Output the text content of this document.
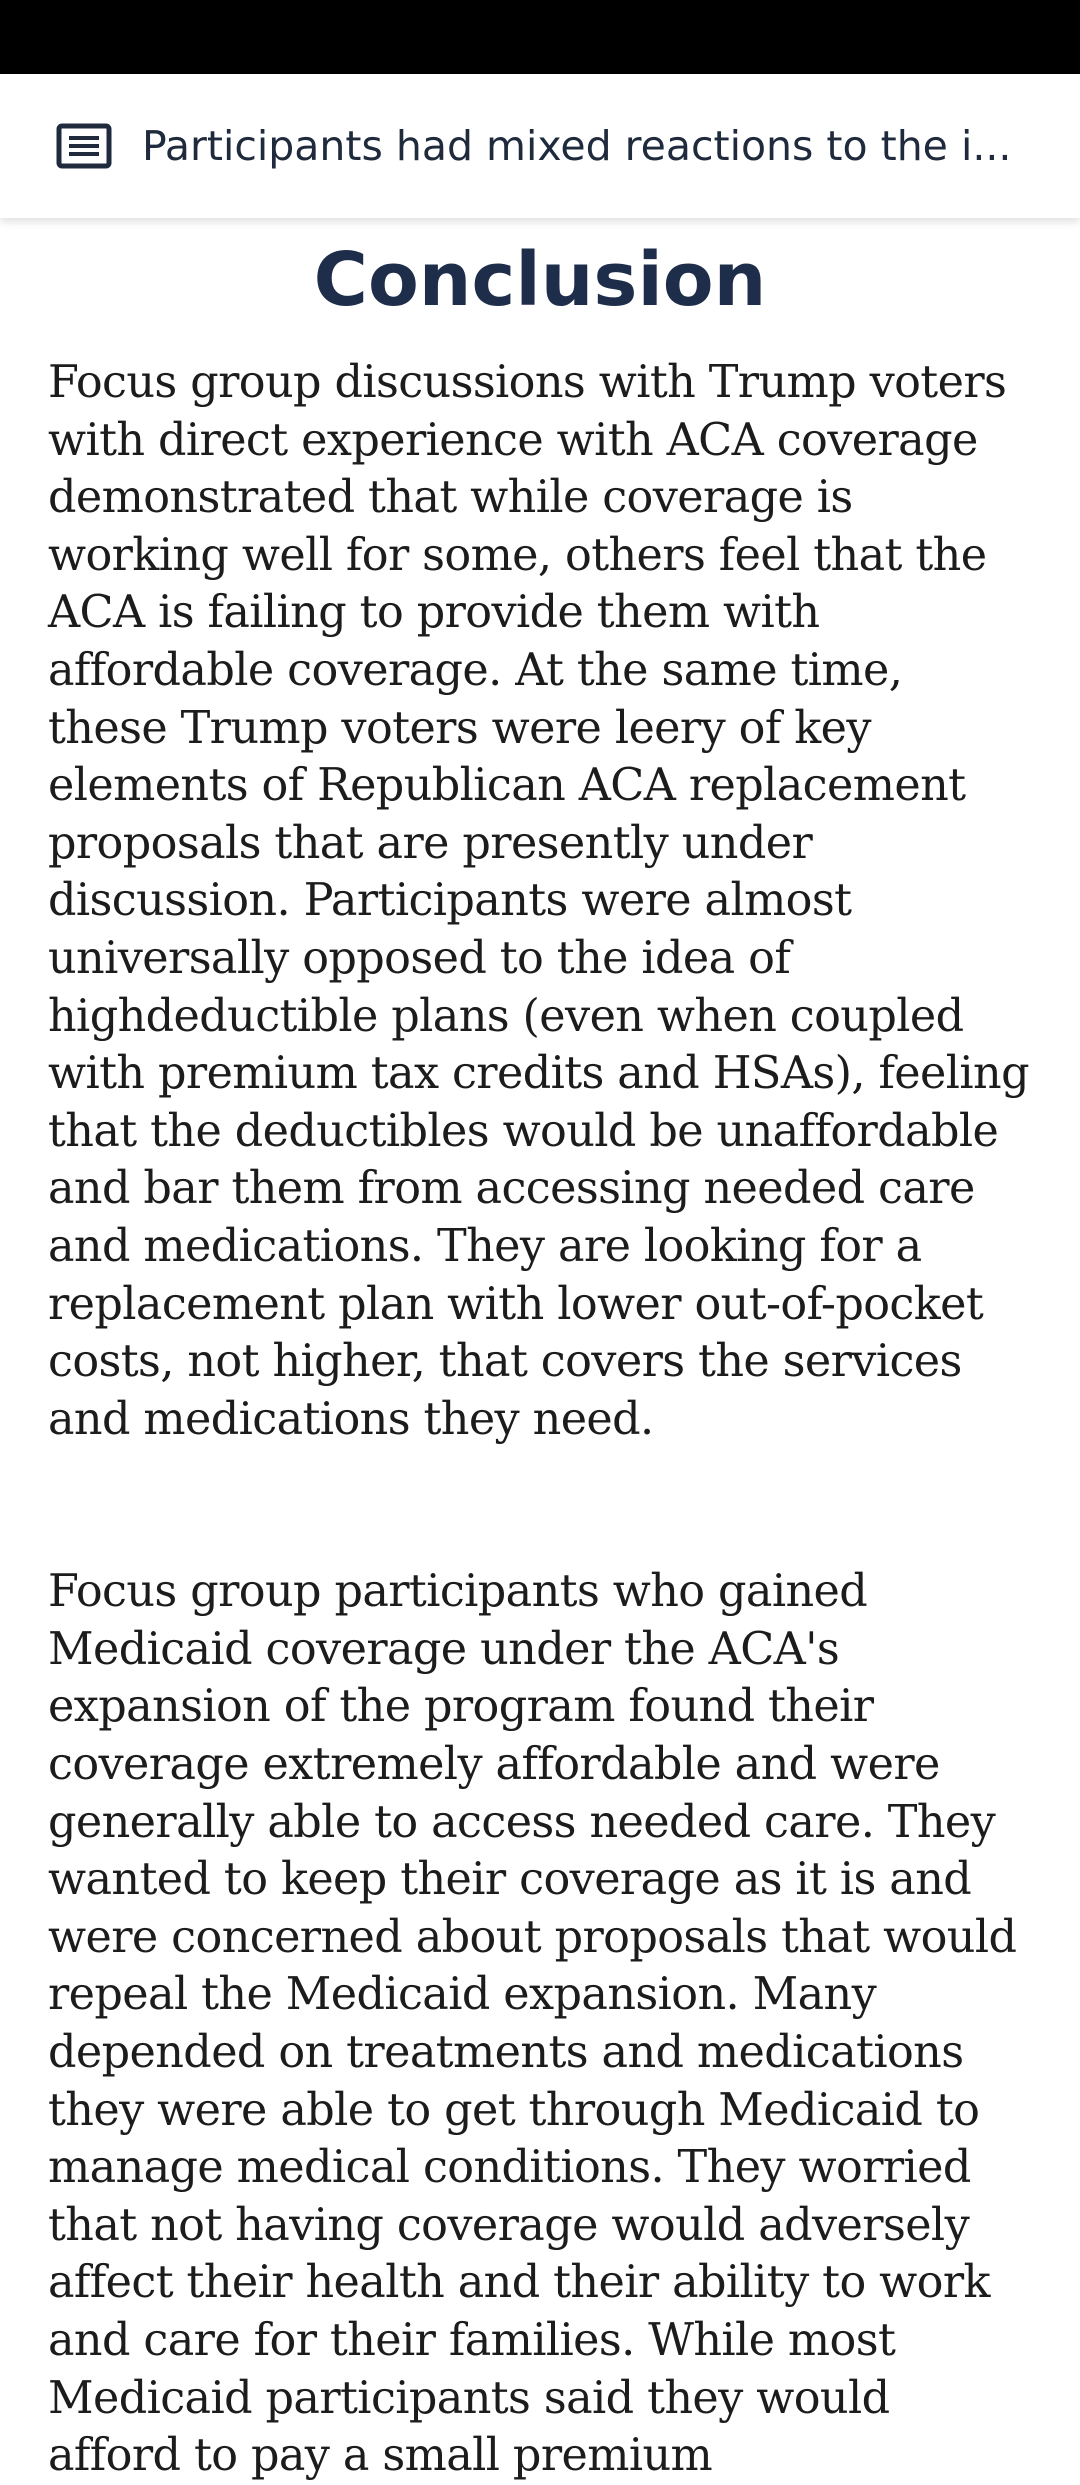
Participants had mixed reactions to the i...
Conclusion

Focus group discussions with Trump voters with direct experience with ACA coverage demonstrated that while coverage is working well for some, others feel that the ACA is failing to provide them with affordable coverage. At the same time, these Trump voters were leery of key elements of Republican ACA replacement proposals that are presently under discussion. Participants were almost universally opposed to the idea of highdeductible plans (even when coupled with premium tax credits and HSAs), feeling that the deductibles would be unaffordable and bar them from accessing needed care and medications. They are looking for a replacement plan with lower out-of-pocket costs, not higher, that covers the services and medications they need.

Focus group participants who gained Medicaid coverage under the ACA's expansion of the program found their coverage extremely affordable and were generally able to access needed care. They wanted to keep their coverage as it is and were concerned about proposals that would repeal the Medicaid expansion. Many depended on treatments and medications they were able to get through Medicaid to manage medical conditions. They worried that not having coverage would adversely affect their health and their ability to work and care for their families. While most Medicaid participants said they would afford to pay a small premium
